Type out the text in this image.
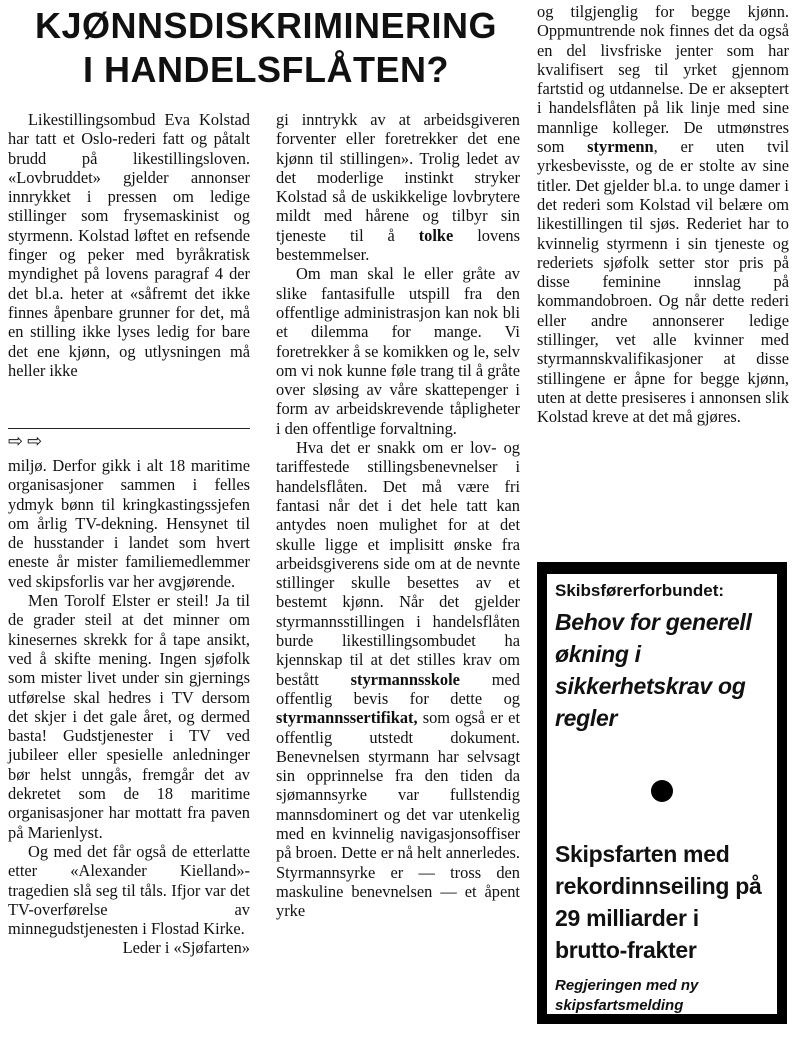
KJØNNSDISKRIMINERING
I HANDELSFLÅTEN?

Likestillingsombud Eva Kolstad har tatt et Oslo-rederi fatt og påtalt brudd på likestillingsloven. «Lovbruddet» gjelder annonser innrykket i pressen om ledige stillinger som frysemaskinist og styrmenn. Kolstad løftet en refsende finger og peker med byråkratisk myndighet på lovens paragraf 4 der det bl.a. heter at «såfremt det ikke finnes åpenbare grunner for det, må en stilling ikke lyses ledig for bare det ene kjønn, og utlysningen må heller ikke

⇨⇨

miljø. Derfor gikk i alt 18 maritime organisasjoner sammen i felles ydmyk bønn til kringkastingssjefen om årlig TV-dekning. Hensynet til de husstander i landet som hvert eneste år mister familiemedlemmer ved skipsforlis var her avgjørende.

Men Torolf Elster er steil! Ja til de grader steil at det minner om kinesernes skrekk for å tape ansikt, ved å skifte mening. Ingen sjøfolk som mister livet under sin gjernings utførelse skal hedres i TV dersom det skjer i det gale året, og dermed basta! Gudstjenester i TV ved jubileer eller spesielle anledninger bør helst unngås, fremgår det av dekretet som de 18 maritime organisasjoner har mottatt fra paven på Marienlyst.

Og med det får også de etterlatte etter «Alexander Kielland»-tragedien slå seg til tåls. Ifjor var det TV-overførelse av minnegudstjenesten i Flostad Kirke.

Leder i «Sjøfarten»

gi inntrykk av at arbeidsgiveren forventer eller foretrekker det ene kjønn til stillingen». Trolig ledet av det moderlige instinkt stryker Kolstad så de uskikkelige lovbrytere mildt med hårene og tilbyr sin tjeneste til å tolke lovens bestemmelser.

Om man skal le eller gråte av slike fantasifulle utspill fra den offentlige administrasjon kan nok bli et dilemma for mange. Vi foretrekker å se komikken og le, selv om vi nok kunne føle trang til å gråte over sløsing av våre skattepenger i form av arbeidskrevende tåpligheter i den offentlige forvaltning.

Hva det er snakk om er lov- og tariffestede stillingsbenevnelser i handelsflåten. Det må være fri fantasi når det i det hele tatt kan antydes noen mulighet for at det skulle ligge et implisitt ønske fra arbeidsgiverens side om at de nevnte stillinger skulle besettes av et bestemt kjønn. Når det gjelder styrmannsstillingen i handelsflåten burde likestillingsombudet ha kjennskap til at det stilles krav om bestått styrmannsskole med offentlig bevis for dette og styrmannssertifikat, som også er et offentlig utstedt dokument. Benevnelsen styrmann har selvsagt sin opprinnelse fra den tiden da sjømannsyrke var fullstendig mannsdominert og det var utenkelig med en kvinnelig navigasjonsoffiser på broen. Dette er nå helt annerledes. Styrmannsyrke er — tross den maskuline benevnelsen — et åpent yrke

og tilgjenglig for begge kjønn. Oppmuntrende nok finnes det da også en del livsfriske jenter som har kvalifisert seg til yrket gjennom fartstid og utdannelse. De er akseptert i handelsflåten på lik linje med sine mannlige kolleger. De utmønstres som styrmenn, er uten tvil yrkesbevisste, og de er stolte av sine titler. Det gjelder bl.a. to unge damer i det rederi som Kolstad vil belære om likestillingen til sjøs. Rederiet har to kvinnelig styrmenn i sin tjeneste og rederiets sjøfolk setter stor pris på disse feminine innslag på kommandobroen. Og når dette rederi eller andre annonserer ledige stillinger, vet alle kvinner med styrmannskvalifikasjoner at disse stillingene er åpne for begge kjønn, uten at dette presiseres i annonsen slik Kolstad kreve at det må gjøres.

Skibsførerforbundet:
Behov for generell økning i sikkerhetskrav og regler
Skipsfarten med rekordinnseiling på 29 milliarder i brutto-frakter
Regjeringen med ny skipsfartsmelding
